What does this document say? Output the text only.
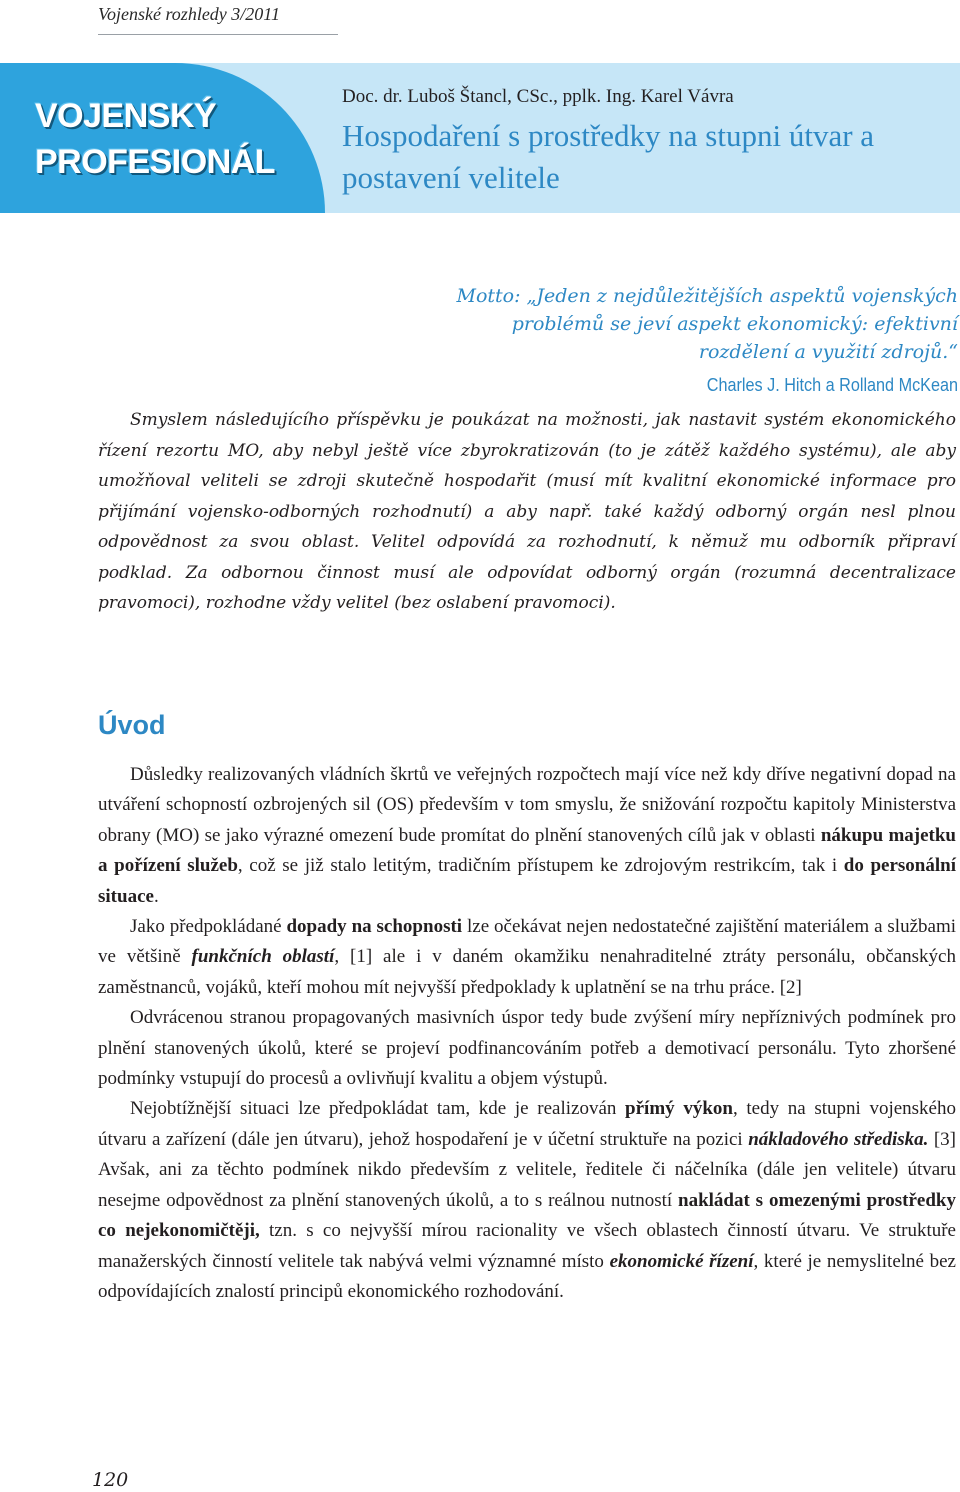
Vojenské rozhledy 3/2011
VOJENSKÝ
PROFESIONÁL
Doc. dr. Luboš Štancl, CSc., pplk. Ing. Karel Vávra
Hospodaření s prostředky na stupni útvar a postavení velitele
Motto: „Jeden z nejdůležitějších aspektů vojenských
problémů se jeví aspekt ekonomický: efektivní
rozdělení a využití zdrojů.“
Charles J. Hitch a Rolland McKean
Smyslem následujícího příspěvku je poukázat na možnosti, jak nastavit systém ekonomického řízení rezortu MO, aby nebyl ještě více zbyrokratizován (to je zátěž každého systému), ale aby umožňoval veliteli se zdroji skutečně hospodařit (musí mít kvalitní ekonomické informace pro přijímání vojensko-odborných rozhodnutí) a aby např. také každý odborný orgán nesl plnou odpovědnost za svou oblast. Velitel odpovídá za rozhodnutí, k němuž mu odborník připraví podklad. Za odbornou činnost musí ale odpovídat odborný orgán (rozumná decentralizace pravomoci), rozhodne vždy velitel (bez oslabení pravomoci).
Úvod

Důsledky realizovaných vládních škrtů ve veřejných rozpočtech mají více než kdy dříve negativní dopad na utváření schopností ozbrojených sil (OS) především v tom smyslu, že snižování rozpočtu kapitoly Ministerstva obrany (MO) se jako výrazné omezení bude promítat do plnění stanovených cílů jak v oblasti nákupu majetku a pořízení služeb, což se již stalo letitým, tradičním přístupem ke zdrojovým restrikcím, tak i do personální situace.

Jako předpokládané dopady na schopnosti lze očekávat nejen nedostatečné zajištění materiálem a službami ve většině funkčních oblastí, [1] ale i v daném okamžiku nenahraditelné ztráty personálu, občanských zaměstnanců, vojáků, kteří mohou mít nejvyšší předpoklady k uplatnění se na trhu práce. [2]

Odvrácenou stranou propagovaných masivních úspor tedy bude zvýšení míry nepříznivých podmínek pro plnění stanovených úkolů, které se projeví podfinancováním potřeb a demotivací personálu. Tyto zhoršené podmínky vstupují do procesů a ovlivňují kvalitu a objem výstupů.

Nejobtížnější situaci lze předpokládat tam, kde je realizován přímý výkon, tedy na stupni vojenského útvaru a zařízení (dále jen útvaru), jehož hospodaření je v účetní struktuře na pozici nákladového střediska. [3] Avšak, ani za těchto podmínek nikdo především z velitele, ředitele či náčelníka (dále jen velitele) útvaru nesejme odpovědnost za plnění stanovených úkolů, a to s reálnou nutností nakládat s omezenými prostředky co nejekonomičtěji, tzn. s co nejvyšší mírou racionality ve všech oblastech činností útvaru. Ve struktuře manažerských činností velitele tak nabývá velmi významné místo ekonomické řízení, které je nemyslitelné bez odpovídajících znalostí principů ekonomického rozhodování.

120
